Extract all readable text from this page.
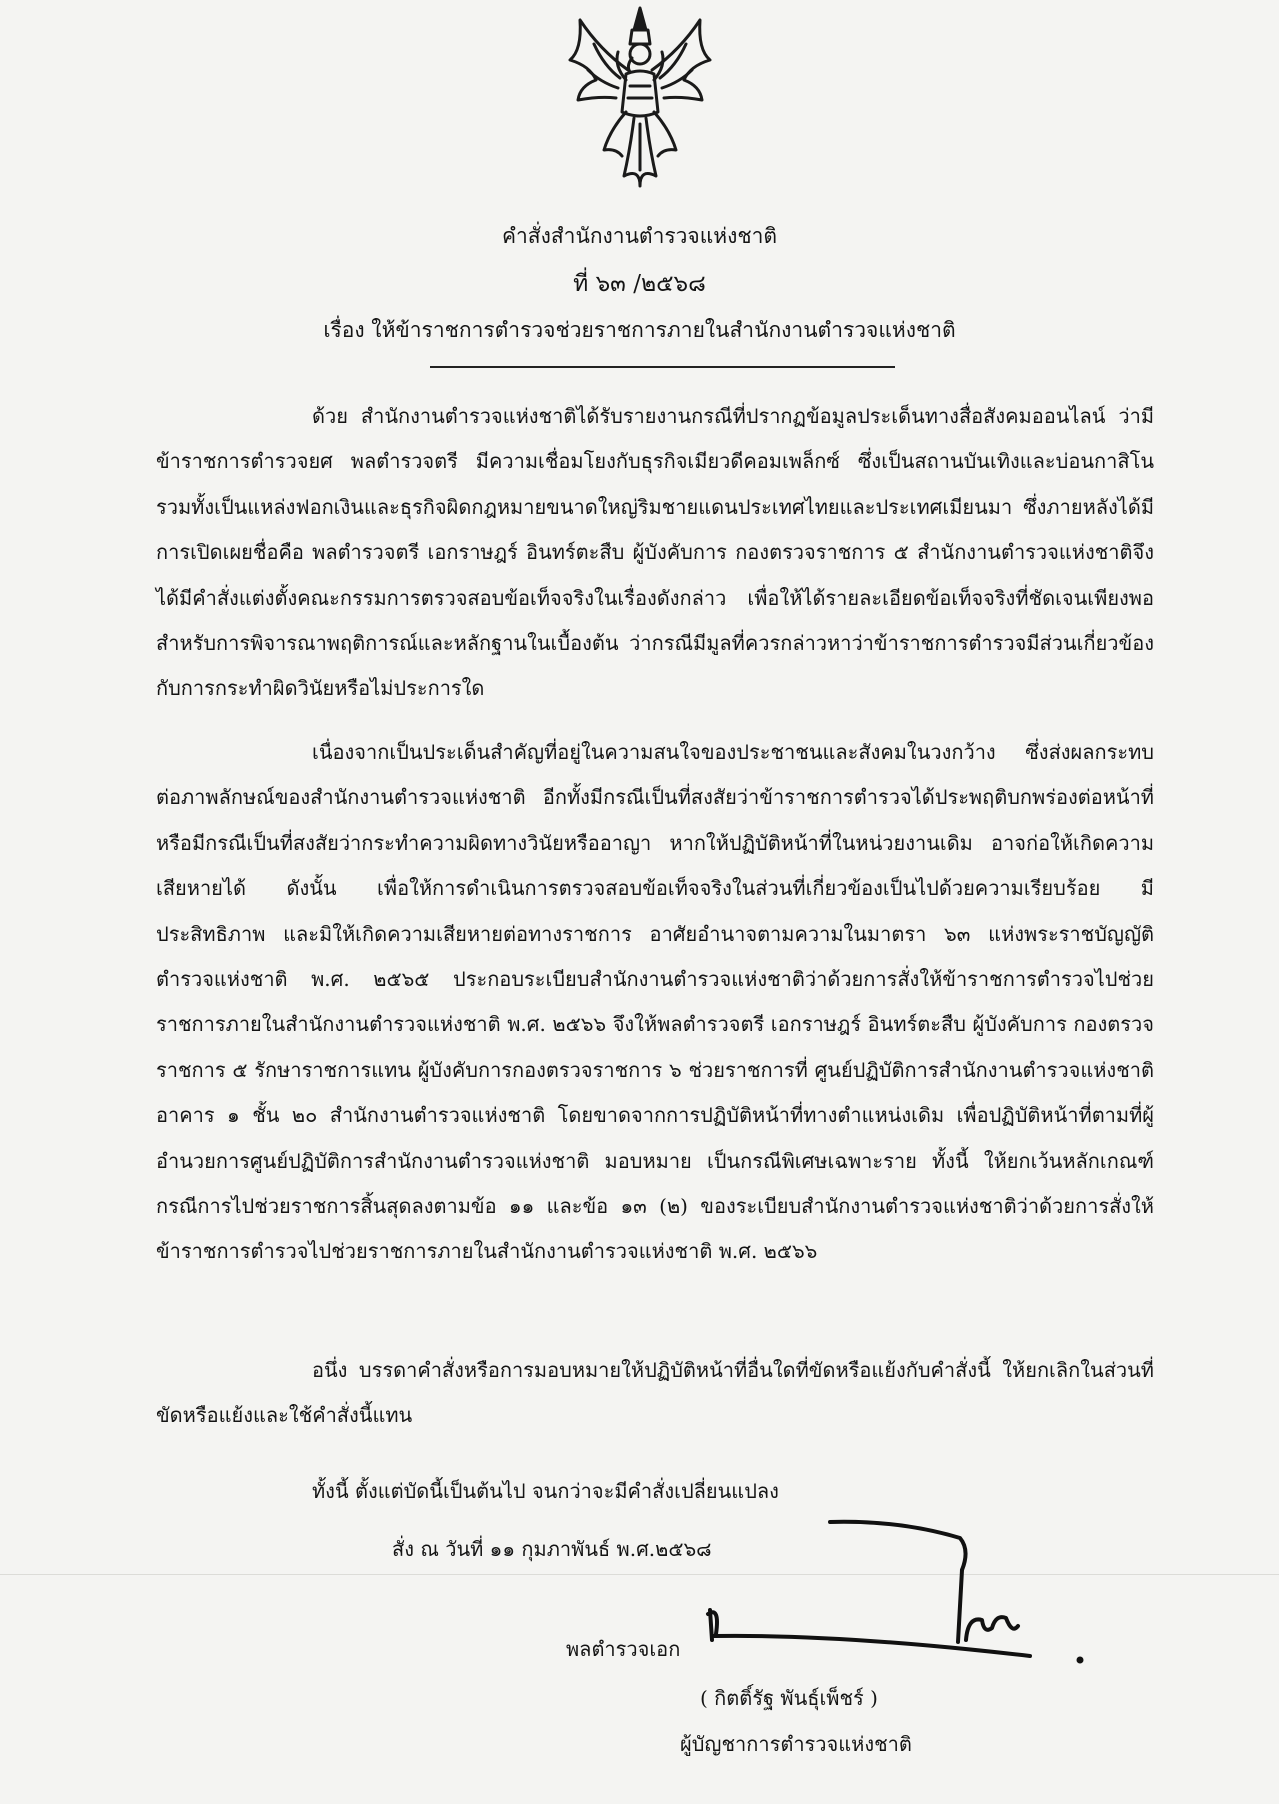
คำสั่งสำนักงานตำรวจแห่งชาติ
ที่ ๖๓ /๒๕๖๘
เรื่อง ให้ข้าราชการตำรวจช่วยราชการภายในสำนักงานตำรวจแห่งชาติ

ด้วย สำนักงานตำรวจแห่งชาติได้รับรายงานกรณีที่ปรากฏข้อมูลประเด็นทางสื่อสังคมออนไลน์ ว่ามีข้าราชการตำรวจยศ พลตำรวจตรี มีความเชื่อมโยงกับธุรกิจเมียวดีคอมเพล็กซ์ ซึ่งเป็นสถานบันเทิงและบ่อนกาสิโน รวมทั้งเป็นแหล่งฟอกเงินและธุรกิจผิดกฎหมายขนาดใหญ่ริมชายแดนประเทศไทยและประเทศเมียนมา ซึ่งภายหลังได้มีการเปิดเผยชื่อคือ พลตำรวจตรี เอกราษฎร์ อินทร์ตะสืบ ผู้บังคับการ กองตรวจราชการ ๕ สำนักงานตำรวจแห่งชาติจึงได้มีคำสั่งแต่งตั้งคณะกรรมการตรวจสอบข้อเท็จจริงในเรื่องดังกล่าว เพื่อให้ได้รายละเอียดข้อเท็จจริงที่ชัดเจนเพียงพอสำหรับการพิจารณาพฤติการณ์และหลักฐานในเบื้องต้น ว่ากรณีมีมูลที่ควรกล่าวหาว่าข้าราชการตำรวจมีส่วนเกี่ยวข้องกับการกระทำผิดวินัยหรือไม่ประการใด

เนื่องจากเป็นประเด็นสำคัญที่อยู่ในความสนใจของประชาชนและสังคมในวงกว้าง ซึ่งส่งผลกระทบต่อภาพลักษณ์ของสำนักงานตำรวจแห่งชาติ อีกทั้งมีกรณีเป็นที่สงสัยว่าข้าราชการตำรวจได้ประพฤติบกพร่องต่อหน้าที่ หรือมีกรณีเป็นที่สงสัยว่ากระทำความผิดทางวินัยหรืออาญา หากให้ปฏิบัติหน้าที่ในหน่วยงานเดิม อาจก่อให้เกิดความเสียหายได้ ดังนั้น เพื่อให้การดำเนินการตรวจสอบข้อเท็จจริงในส่วนที่เกี่ยวข้องเป็นไปด้วยความเรียบร้อย มีประสิทธิภาพ และมิให้เกิดความเสียหายต่อทางราชการ อาศัยอำนาจตามความในมาตรา ๖๓ แห่งพระราชบัญญัติตำรวจแห่งชาติ พ.ศ. ๒๕๖๕ ประกอบระเบียบสำนักงานตำรวจแห่งชาติว่าด้วยการสั่งให้ข้าราชการตำรวจไปช่วยราชการภายในสำนักงานตำรวจแห่งชาติ พ.ศ. ๒๕๖๖ จึงให้พลตำรวจตรี เอกราษฎร์ อินทร์ตะสืบ ผู้บังคับการ กองตรวจราชการ ๕ รักษาราชการแทน ผู้บังคับการกองตรวจราชการ ๖ ช่วยราชการที่ ศูนย์ปฏิบัติการสำนักงานตำรวจแห่งชาติ อาคาร ๑ ชั้น ๒๐ สำนักงานตำรวจแห่งชาติ โดยขาดจากการปฏิบัติหน้าที่ทางตำแหน่งเดิม เพื่อปฏิบัติหน้าที่ตามที่ผู้อำนวยการศูนย์ปฏิบัติการสำนักงานตำรวจแห่งชาติ มอบหมาย เป็นกรณีพิเศษเฉพาะราย ทั้งนี้ ให้ยกเว้นหลักเกณฑ์กรณีการไปช่วยราชการสิ้นสุดลงตามข้อ ๑๑ และข้อ ๑๓ (๒) ของระเบียบสำนักงานตำรวจแห่งชาติว่าด้วยการสั่งให้ข้าราชการตำรวจไปช่วยราชการภายในสำนักงานตำรวจแห่งชาติ พ.ศ. ๒๕๖๖

อนึ่ง บรรดาคำสั่งหรือการมอบหมายให้ปฏิบัติหน้าที่อื่นใดที่ขัดหรือแย้งกับคำสั่งนี้ ให้ยกเลิกในส่วนที่ขัดหรือแย้งและใช้คำสั่งนี้แทน

ทั้งนี้ ตั้งแต่บัดนี้เป็นต้นไป จนกว่าจะมีคำสั่งเปลี่ยนแปลง
สั่ง ณ วันที่ ๑๑ กุมภาพันธ์ พ.ศ.๒๕๖๘
พลตำรวจเอก
( กิตติ์รัฐ พันธุ์เพ็ชร์ )
ผู้บัญชาการตำรวจแห่งชาติ
